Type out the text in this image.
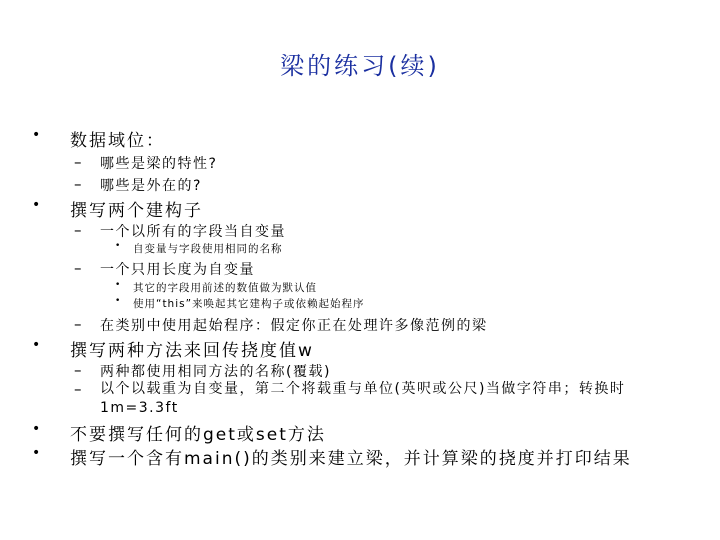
梁的练习(续)
• 数据域位：
– 哪些是梁的特性?
– 哪些是外在的?
• 撰写两个建构子
– 一个以所有的字段当自变量
• 自变量与字段使用相同的名称
– 一个只用长度为自变量
• 其它的字段用前述的数值做为默认值
• 使用“this”来唤起其它建构子或依赖起始程序
– 在类别中使用起始程序：假定你正在处理许多像范例的梁
• 撰写两种方法来回传挠度值w
– 两种都使用相同方法的名称(覆载)
– 以个以载重为自变量，第二个将载重与单位(英呎或公尺)当做字符串；转换时1m=3.3ft
• 不要撰写任何的get或set方法
• 撰写一个含有main()的类别来建立梁，并计算梁的挠度并打印结果
